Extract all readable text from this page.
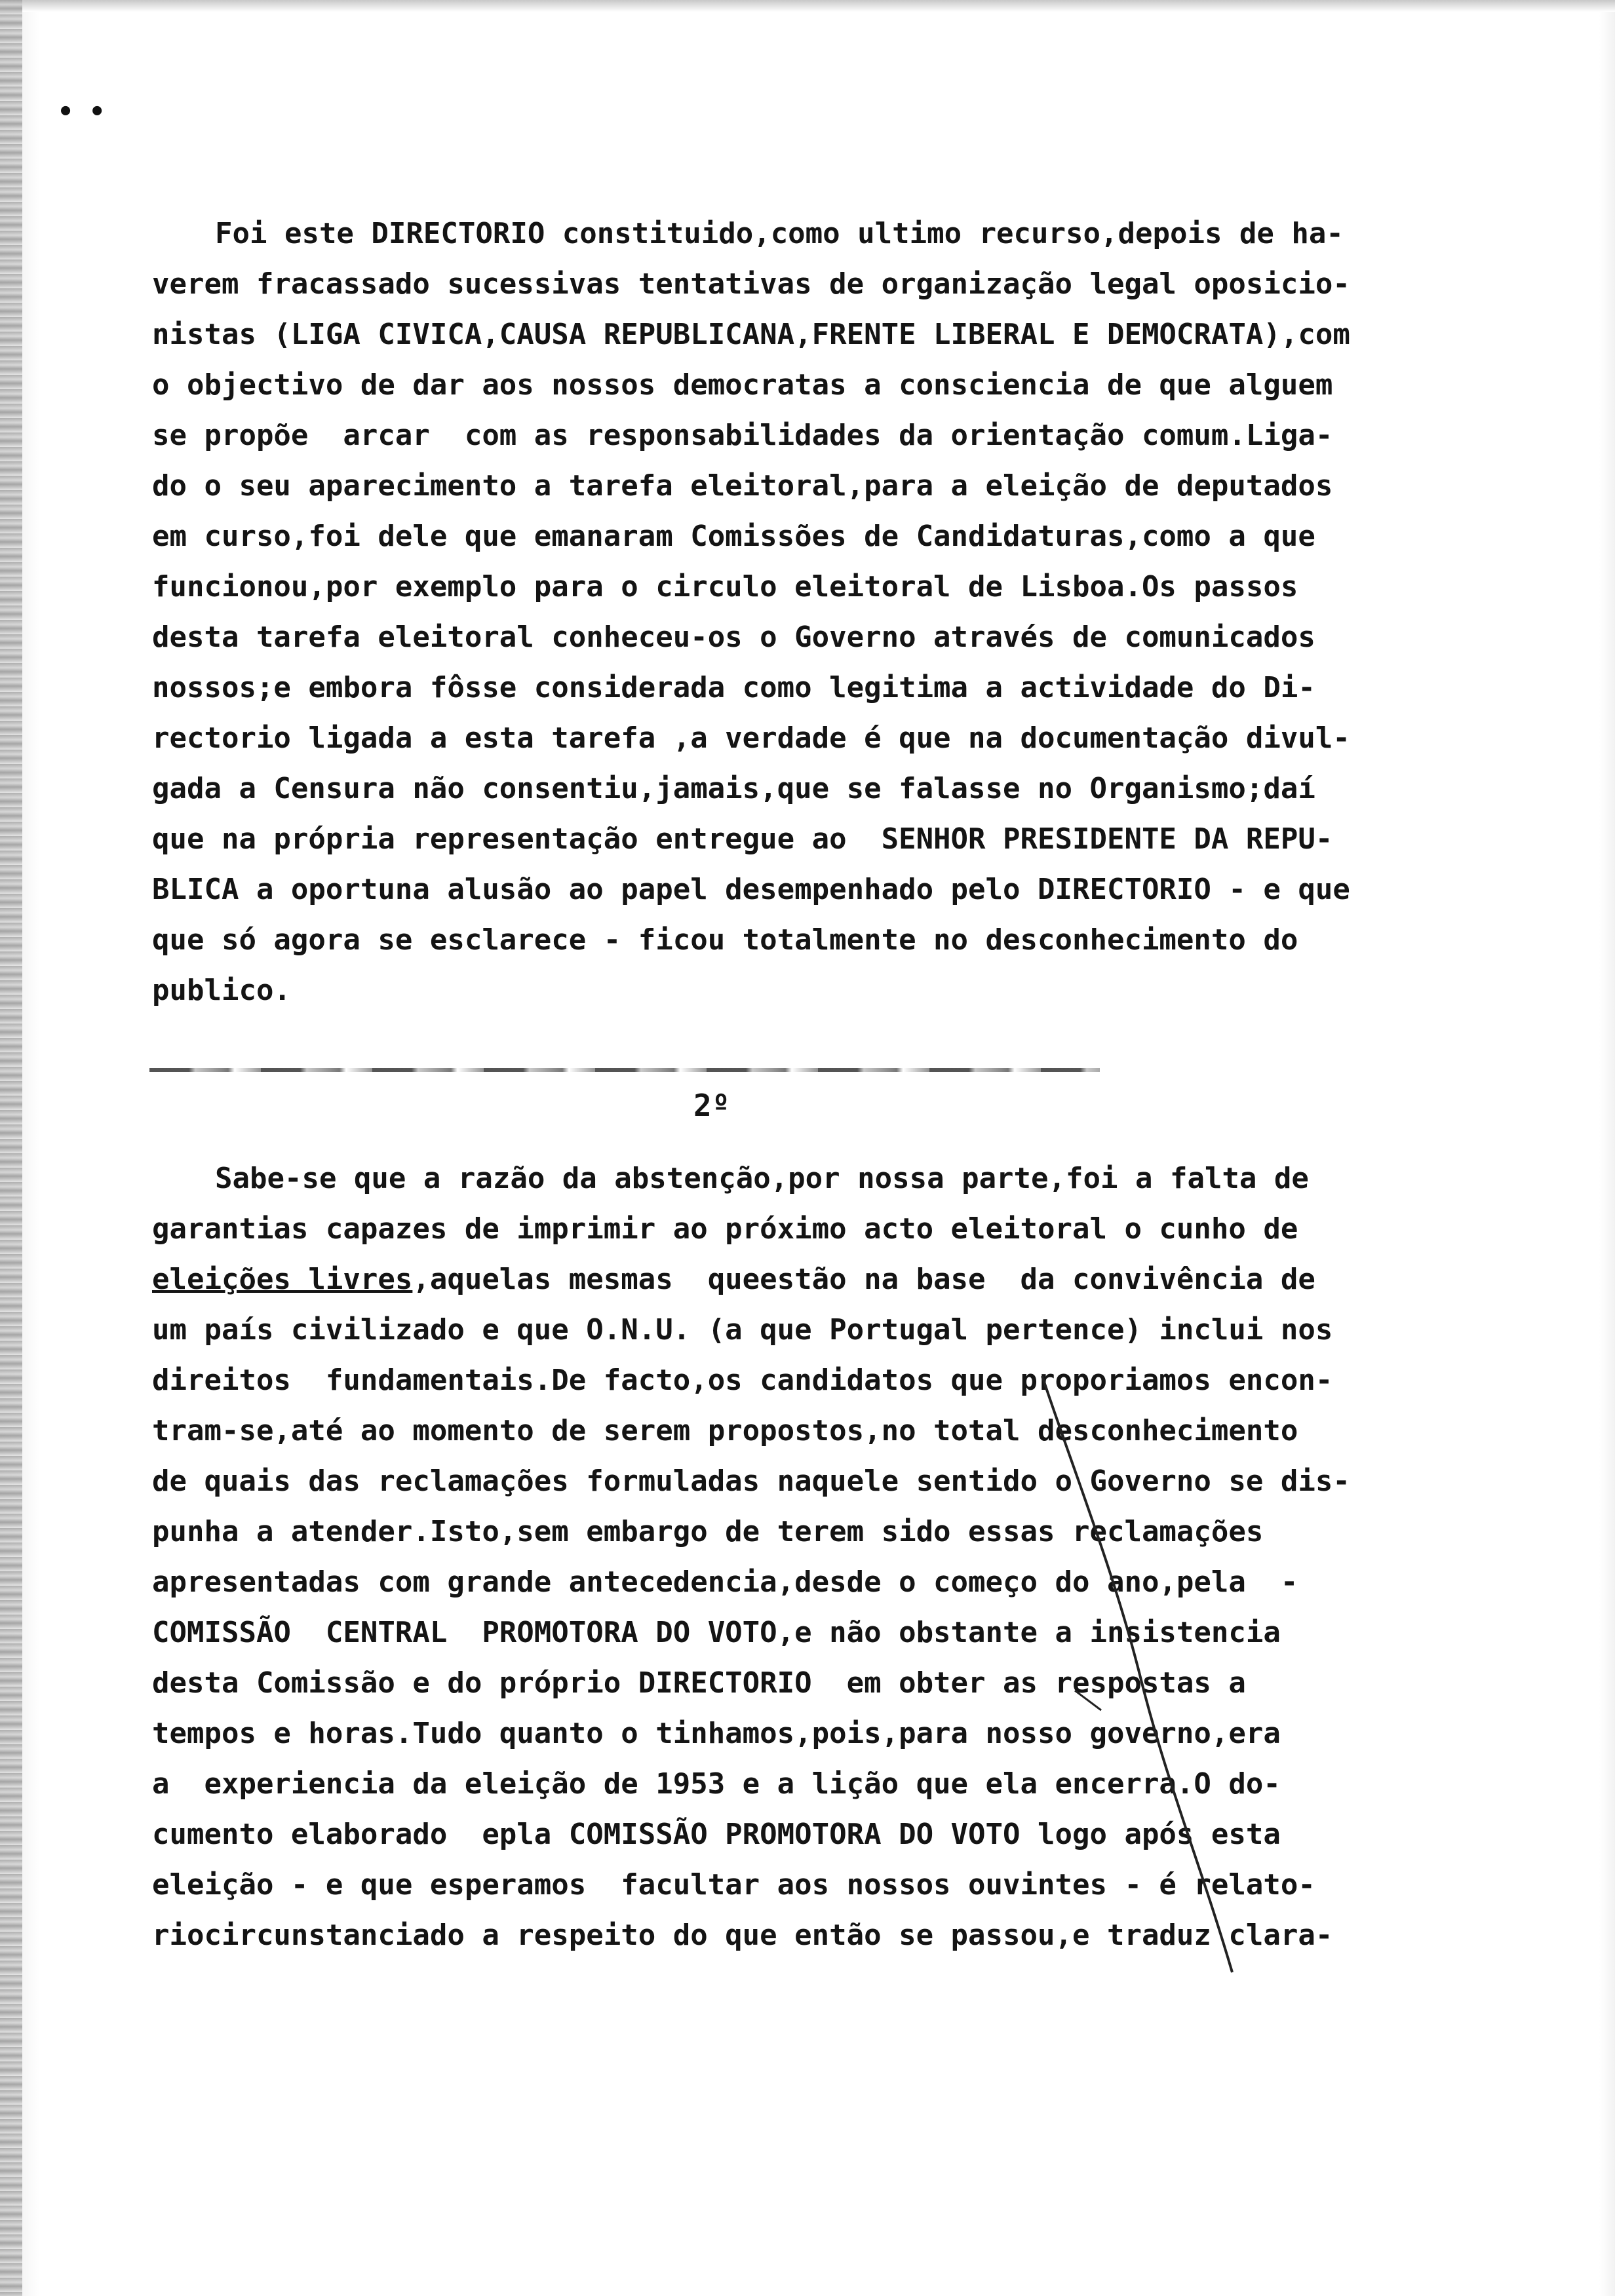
• •
Foi este DIRECTORIO constituido,como ultimo recurso,depois de ha-
verem fracassado sucessivas tentativas de organização legal oposicio-
nistas (LIGA CIVICA,CAUSA REPUBLICANA,FRENTE LIBERAL E DEMOCRATA),com
o objectivo de dar aos nossos democratas a consciencia de que alguem
se propõe  arcar  com as responsabilidades da orientação comum.Liga-
do o seu aparecimento a tarefa eleitoral,para a eleição de deputados
em curso,foi dele que emanaram Comissões de Candidaturas,como a que
funcionou,por exemplo para o circulo eleitoral de Lisboa.Os passos
desta tarefa eleitoral conheceu-os o Governo através de comunicados
nossos;e embora fôsse considerada como legitima a actividade do Di-
rectorio ligada a esta tarefa ,a verdade é que na documentação divul-
gada a Censura não consentiu,jamais,que se falasse no Organismo;daí
que na própria representação entregue ao  SENHOR PRESIDENTE DA REPU-
BLICA a oportuna alusão ao papel desempenhado pelo DIRECTORIO - e que
que só agora se esclarece - ficou totalmente no desconhecimento do
publico.
2º
Sabe-se que a razão da abstenção,por nossa parte,foi a falta de
garantias capazes de imprimir ao próximo acto eleitoral o cunho de
eleições livres,aquelas mesmas  queestão na base  da convivência de
um país civilizado e que O.N.U. (a que Portugal pertence) inclui nos
direitos  fundamentais.De facto,os candidatos que proporiamos encon-
tram-se,até ao momento de serem propostos,no total desconhecimento
de quais das reclamações formuladas naquele sentido o Governo se dis-
punha a atender.Isto,sem embargo de terem sido essas reclamações
apresentadas com grande antecedencia,desde o começo do ano,pela  -
COMISSÃO  CENTRAL  PROMOTORA DO VOTO,e não obstante a insistencia
desta Comissão e do próprio DIRECTORIO  em obter as respostas a
tempos e horas.Tudo quanto o tinhamos,pois,para nosso governo,era
a  experiencia da eleição de 1953 e a lição que ela encerra.O do-
cumento elaborado  epla COMISSÃO PROMOTORA DO VOTO logo após esta
eleição - e que esperamos  facultar aos nossos ouvintes - é relato-
riocircunstanciado a respeito do que então se passou,e traduz clara-
